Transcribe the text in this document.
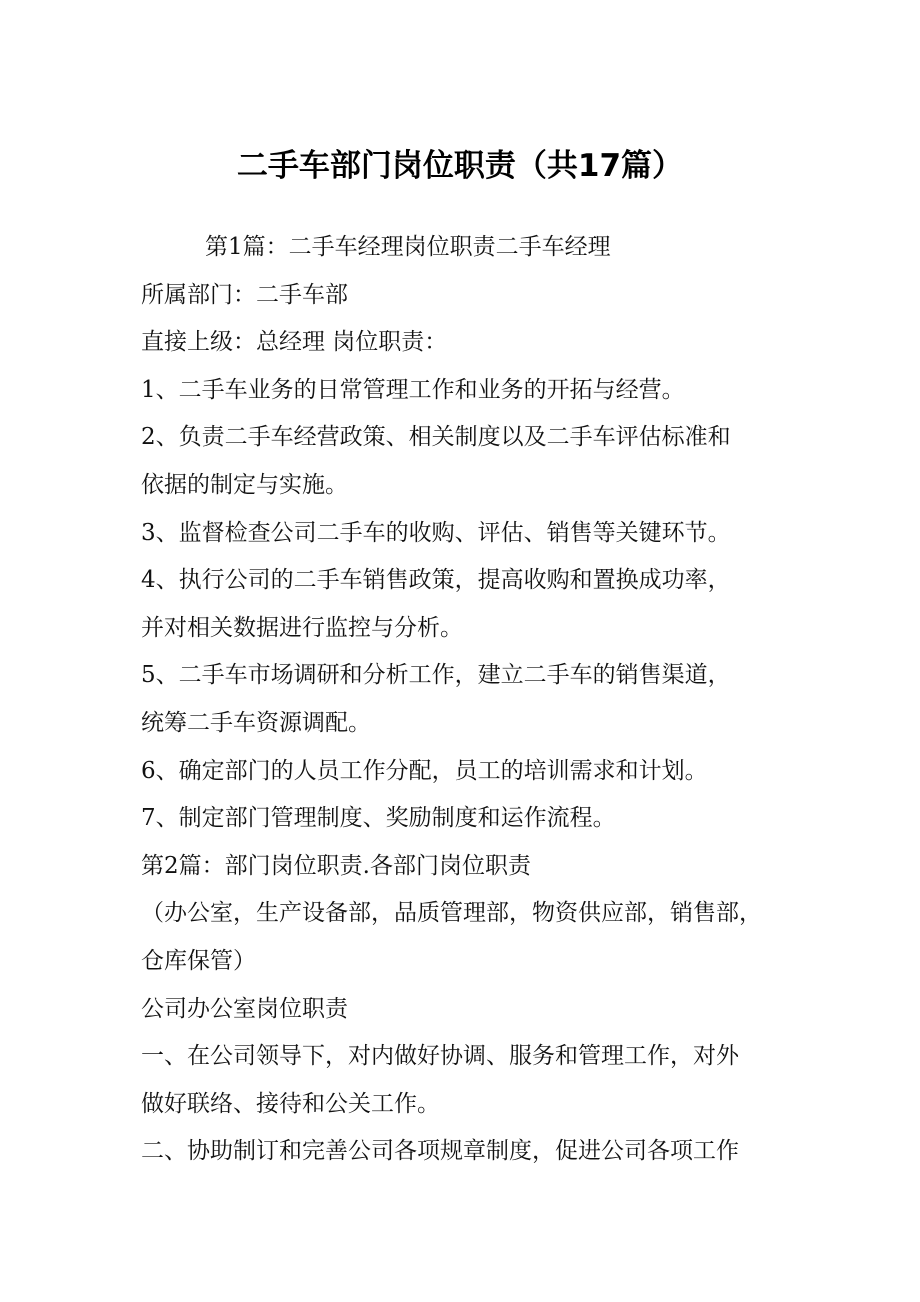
二手车部门岗位职责（共17篇）
第1篇：二手车经理岗位职责二手车经理
所属部门：二手车部
直接上级：总经理 岗位职责：
1、二手车业务的日常管理工作和业务的开拓与经营。
2、负责二手车经营政策、相关制度以及二手车评估标准和
依据的制定与实施。
3、监督检查公司二手车的收购、评估、销售等关键环节。
4、执行公司的二手车销售政策，提高收购和置换成功率，
并对相关数据进行监控与分析。
5、二手车市场调研和分析工作，建立二手车的销售渠道，
统筹二手车资源调配。
6、确定部门的人员工作分配，员工的培训需求和计划。
7、制定部门管理制度、奖励制度和运作流程。
第2篇：部门岗位职责.各部门岗位职责
（办公室，生产设备部，品质管理部，物资供应部，销售部，
仓库保管）
公司办公室岗位职责
一、在公司领导下，对内做好协调、服务和管理工作，对外
做好联络、接待和公关工作。
二、协助制订和完善公司各项规章制度，促进公司各项工作
